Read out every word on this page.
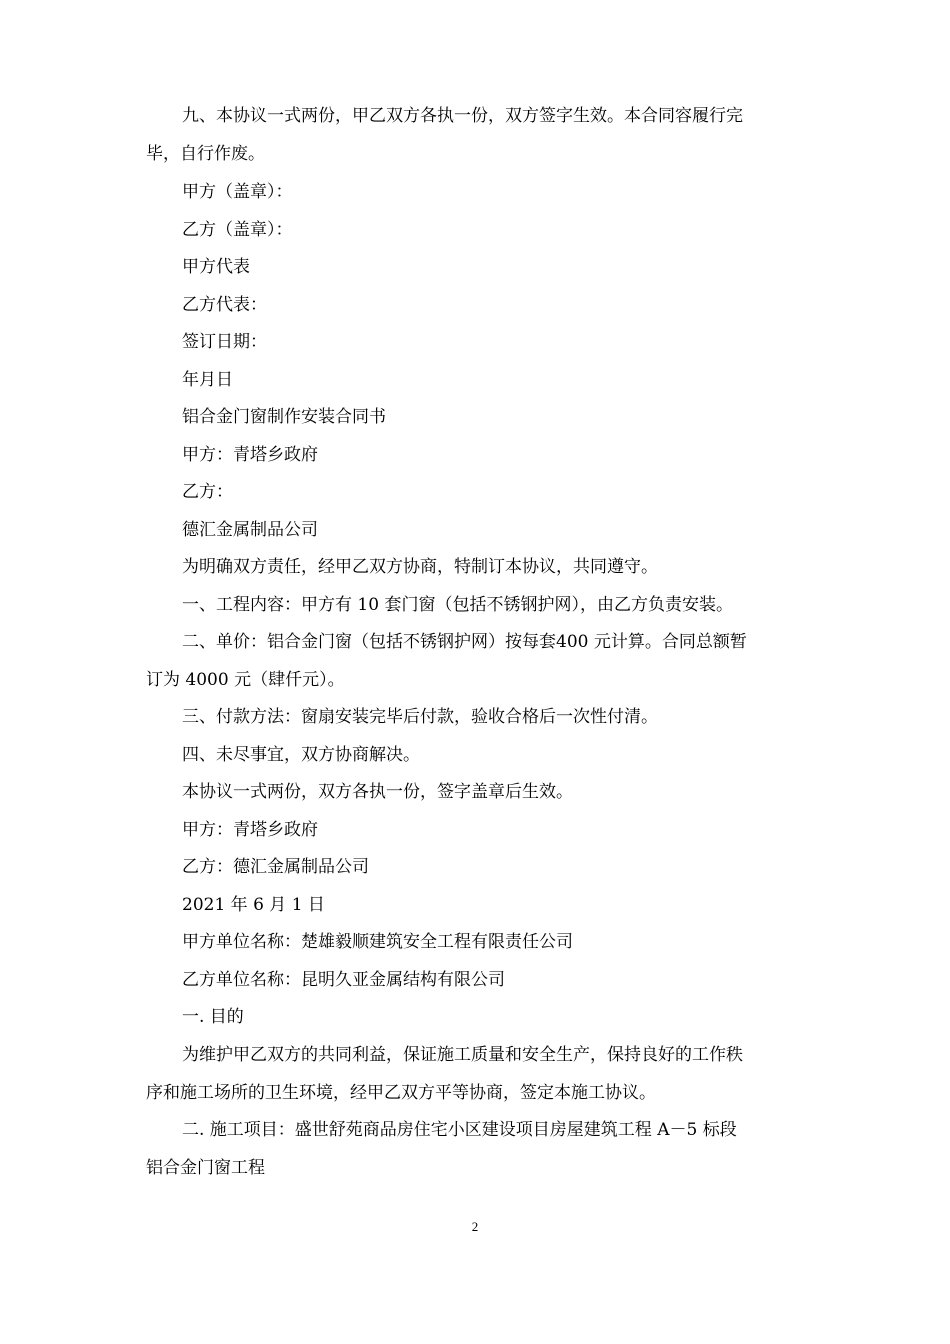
九、本协议一式两份，甲乙双方各执一份，双方签字生效。本合同容履行完
毕，自行作废。

甲方（盖章）：

乙方（盖章）：

甲方代表

乙方代表：

签订日期：

年月日

铝合金门窗制作安装合同书

甲方：青塔乡政府

乙方：

德汇金属制品公司

为明确双方责任，经甲乙双方协商，特制订本协议，共同遵守。

一、工程内容：甲方有 10 套门窗（包括不锈钢护网），由乙方负责安装。

二、单价：铝合金门窗（包括不锈钢护网）按每套400 元计算。合同总额暂
订为 4000 元（肆仟元）。

三、付款方法：窗扇安装完毕后付款，验收合格后一次性付清。

四、未尽事宜，双方协商解决。

本协议一式两份，双方各执一份，签字盖章后生效。

甲方：青塔乡政府

乙方：德汇金属制品公司

2021 年 6 月 1 日

甲方单位名称：楚雄毅顺建筑安全工程有限责任公司

乙方单位名称：昆明久亚金属结构有限公司

一. 目的

为维护甲乙双方的共同利益，保证施工质量和安全生产，保持良好的工作秩
序和施工场所的卫生环境，经甲乙双方平等协商，签定本施工协议。
二. 施工项目：盛世舒苑商品房住宅小区建设项目房屋建筑工程 A－5 标段
铝合金门窗工程
2
